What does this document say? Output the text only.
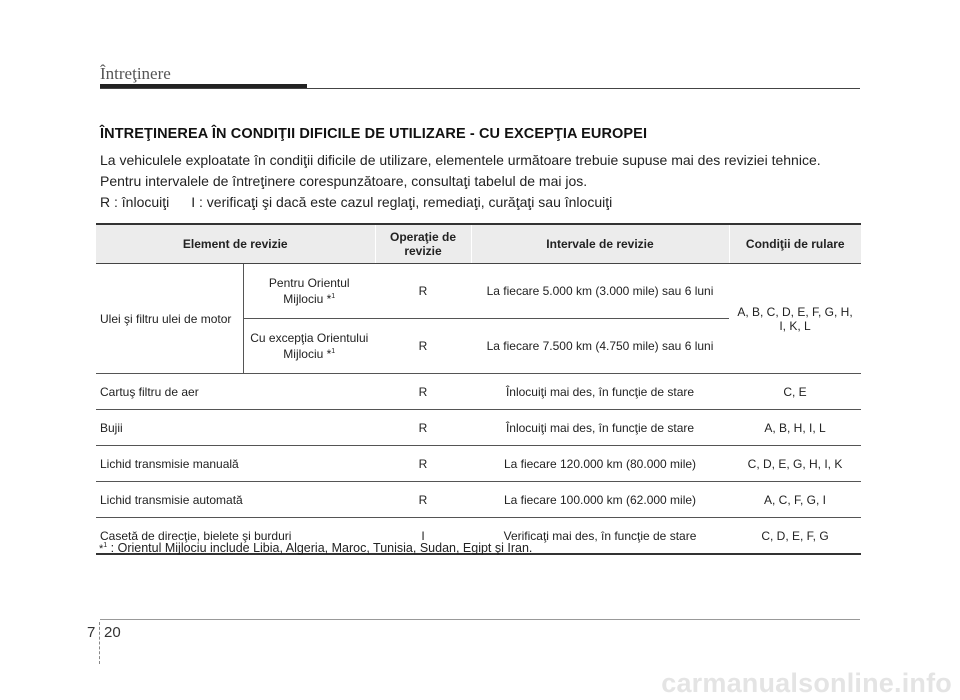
Întreţinere
ÎNTREŢINEREA ÎN CONDIŢII DIFICILE DE UTILIZARE - CU EXCEPŢIA EUROPEI
La vehiculele exploatate în condiţii dificile de utilizare, elementele următoare trebuie supuse mai des reviziei tehnice.
Pentru intervalele de întreţinere corespunzătoare, consultaţi tabelul de mai jos.
R : înlocuiţi I : verificaţi şi dacă este cazul reglaţi, remediaţi, curăţaţi sau înlocuiţi
Element de revizie		Operaţie de revizie	Intervale de revizie	Condiţii de rulare
Ulei şi filtru ulei de motor	Pentru Orientul Mijlociu *$^1$	R	La fiecare 5.000 km (3.000 mile) sau 6 luni	A, B, C, D, E, F, G, H, I, K, L
	Cu excepţia Orientului Mijlociu *$^1$	R	La fiecare 7.500 km (4.750 mile) sau 6 luni	
Cartuş filtru de aer		R	Înlocuiţi mai des, în funcţie de stare	C, E
Bujii		R	Înlocuiţi mai des, în funcţie de stare	A, B, H, I, L
Lichid transmisie manuală		R	La fiecare 120.000 km (80.000 mile)	C, D, E, G, H, I, K
Lichid transmisie automată		R	La fiecare 100.000 km (62.000 mile)	A, C, F, G, I
Casetă de direcţie, bielete şi burduri		I	Verificaţi mai des, în funcţie de stare	C, D, E, F, G
*$^1$ : Orientul Mijlociu include Libia, Algeria, Maroc, Tunisia, Sudan, Egipt şi Iran.
7 20
carmanualsonline.info
